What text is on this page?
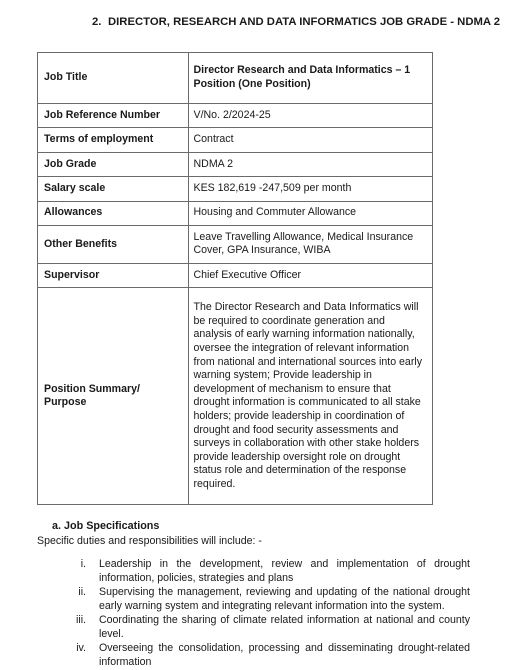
2. DIRECTOR, RESEARCH AND DATA INFORMATICS JOB GRADE - NDMA 2
Job Title	Director Research and Data Informatics – 1 Position (One Position)
Job Reference Number	V/No. 2/2024-25
Terms of employment	Contract
Job Grade	NDMA 2
Salary scale	KES 182,619 -247,509 per month
Allowances	Housing and Commuter Allowance
Other Benefits	Leave Travelling Allowance, Medical Insurance Cover, GPA Insurance, WIBA
Supervisor	Chief Executive Officer
Position Summary/ Purpose	The Director Research and Data Informatics will be required to coordinate generation and analysis of early warning information nationally, oversee the integration of relevant information from national and international sources into early warning system; Provide leadership in development of mechanism to ensure that drought information is communicated to all stake holders; provide leadership in coordination of drought and food security assessments and surveys in collaboration with other stake holders provide leadership oversight role on drought status role and determination of the response required.
a. Job Specifications
Specific duties and responsibilities will include: -
i. Leadership in the development, review and implementation of drought information, policies, strategies and plans
ii. Supervising the management, reviewing and updating of the national drought early warning system and integrating relevant information into the system.
iii. Coordinating the sharing of climate related information at national and county level.
iv. Overseeing the consolidation, processing and disseminating drought-related information
